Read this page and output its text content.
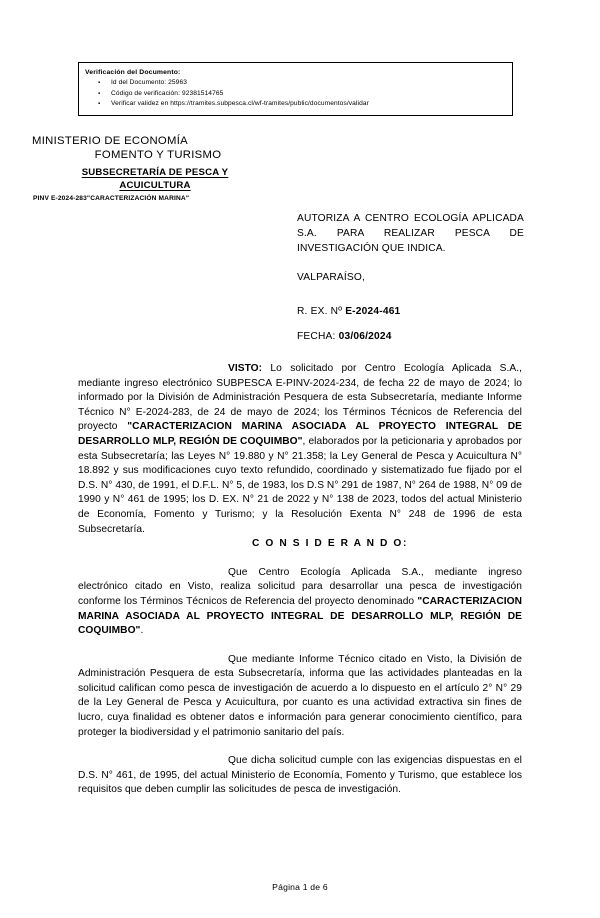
Verificación del Documento:
▪ Id del Documento: 25963
▪ Código de verificación: 92381514765
▪ Verificar validez en https://tramites.subpesca.cl/wf-tramites/public/documentos/validar
MINISTERIO DE ECONOMÍA
FOMENTO Y TURISMO
SUBSECRETARÍA DE PESCA Y
ACUICULTURA
PINV E-2024-283"CARACTERIZACIÓN MARINA"
AUTORIZA A CENTRO ECOLOGÍA APLICADA S.A. PARA REALIZAR PESCA DE INVESTIGACIÓN QUE INDICA.
VALPARAÍSO,
R. EX. Nº E-2024-461
FECHA: 03/06/2024

VISTO: Lo solicitado por Centro Ecología Aplicada S.A., mediante ingreso electrónico SUBPESCA E-PINV-2024-234, de fecha 22 de mayo de 2024; lo informado por la División de Administración Pesquera de esta Subsecretaría, mediante Informe Técnico N° E-2024-283, de 24 de mayo de 2024; los Términos Técnicos de Referencia del proyecto "CARACTERIZACION MARINA ASOCIADA AL PROYECTO INTEGRAL DE DESARROLLO MLP, REGIÓN DE COQUIMBO", elaborados por la peticionaria y aprobados por esta Subsecretaría; las Leyes N° 19.880 y N° 21.358; la Ley General de Pesca y Acuicultura N° 18.892 y sus modificaciones cuyo texto refundido, coordinado y sistematizado fue fijado por el D.S. N° 430, de 1991, el D.F.L. N° 5, de 1983, los D.S N° 291 de 1987, N° 264 de 1988, N° 09 de 1990 y N° 461 de 1995; los D. EX. N° 21 de 2022 y N° 138 de 2023, todos del actual Ministerio de Economía, Fomento y Turismo; y la Resolución Exenta N° 248 de 1996 de esta Subsecretaría.

C O N S I D E R A N D O:

Que Centro Ecología Aplicada S.A., mediante ingreso electrónico citado en Visto, realiza solicitud para desarrollar una pesca de investigación conforme los Términos Técnicos de Referencia del proyecto denominado "CARACTERIZACION MARINA ASOCIADA AL PROYECTO INTEGRAL DE DESARROLLO MLP, REGIÓN DE COQUIMBO".

Que mediante Informe Técnico citado en Visto, la División de Administración Pesquera de esta Subsecretaría, informa que las actividades planteadas en la solicitud califican como pesca de investigación de acuerdo a lo dispuesto en el artículo 2° N° 29 de la Ley General de Pesca y Acuicultura, por cuanto es una actividad extractiva sin fines de lucro, cuya finalidad es obtener datos e información para generar conocimiento científico, para proteger la biodiversidad y el patrimonio sanitario del país.

Que dicha solicitud cumple con las exigencias dispuestas en el D.S. N° 461, de 1995, del actual Ministerio de Economía, Fomento y Turismo, que establece los requisitos que deben cumplir las solicitudes de pesca de investigación.

Página 1 de 6
